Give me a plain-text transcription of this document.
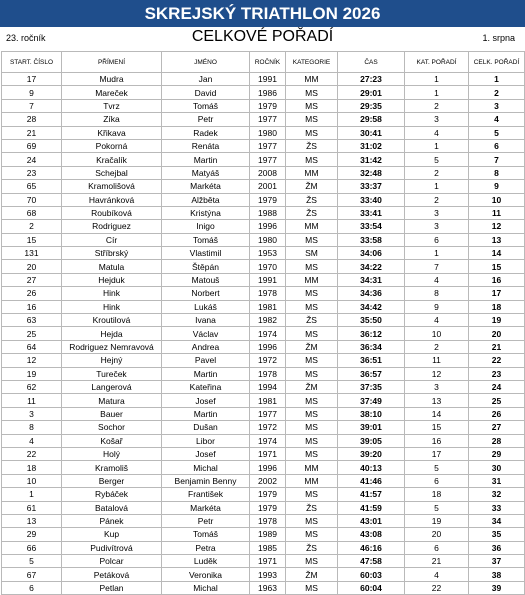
SKREJSKÝ TRIATHLON 2026
23. ročník	CELKOVÉ POŘADÍ	1. srpna
START. ČÍSLO	PŘÍMENÍ	JMÉNO	ROČNÍK	KATEGORIE	ČAS	KAT. POŘADÍ	CELK. POŘADÍ
17	Mudra	Jan	1991	MM	27:23	1	1
9	Mareček	David	1986	MS	29:01	1	2
7	Tvrz	Tomáš	1979	MS	29:35	2	3
28	Zíka	Petr	1977	MS	29:58	3	4
21	Křikava	Radek	1980	MS	30:41	4	5
69	Pokorná	Renáta	1977	ŽS	31:02	1	6
24	Kračalík	Martin	1977	MS	31:42	5	7
23	Schejbal	Matyáš	2008	MM	32:48	2	8
65	Kramolišová	Markéta	2001	ŽM	33:37	1	9
70	Havránková	Alžběta	1979	ŽS	33:40	2	10
68	Roubíková	Kristýna	1988	ŽS	33:41	3	11
2	Rodriguez	Inigo	1996	MM	33:54	3	12
15	Cír	Tomáš	1980	MS	33:58	6	13
131	Stříbrský	Vlastimil	1953	SM	34:06	1	14
20	Matula	Štěpán	1970	MS	34:22	7	15
27	Hejduk	Matouš	1991	MM	34:31	4	16
26	Hink	Norbert	1978	MS	34:36	8	17
16	Hink	Lukáš	1981	MS	34:42	9	18
63	Kroutilová	Ivana	1982	ŽS	35:50	4	19
25	Hejda	Václav	1974	MS	36:12	10	20
64	Rodriguez Nemravová	Andrea	1996	ŽM	36:34	2	21
12	Hejný	Pavel	1972	MS	36:51	11	22
19	Tureček	Martin	1978	MS	36:57	12	23
62	Langerová	Kateřina	1994	ŽM	37:35	3	24
11	Matura	Josef	1981	MS	37:49	13	25
3	Bauer	Martin	1977	MS	38:10	14	26
8	Sochor	Dušan	1972	MS	39:01	15	27
4	Košař	Libor	1974	MS	39:05	16	28
22	Holý	Josef	1971	MS	39:20	17	29
18	Kramoliš	Michal	1996	MM	40:13	5	30
10	Berger	Benjamin Benny	2002	MM	41:46	6	31
1	Rybáček	František	1979	MS	41:57	18	32
61	Batalová	Markéta	1979	ŽS	41:59	5	33
13	Pánek	Petr	1978	MS	43:01	19	34
29	Kup	Tomáš	1989	MS	43:08	20	35
66	Pudivítrová	Petra	1985	ŽS	46:16	6	36
5	Polcar	Luděk	1971	MS	47:58	21	37
67	Petáková	Veronika	1993	ŽM	60:03	4	38
6	Petlan	Michal	1963	MS	60:04	22	39
